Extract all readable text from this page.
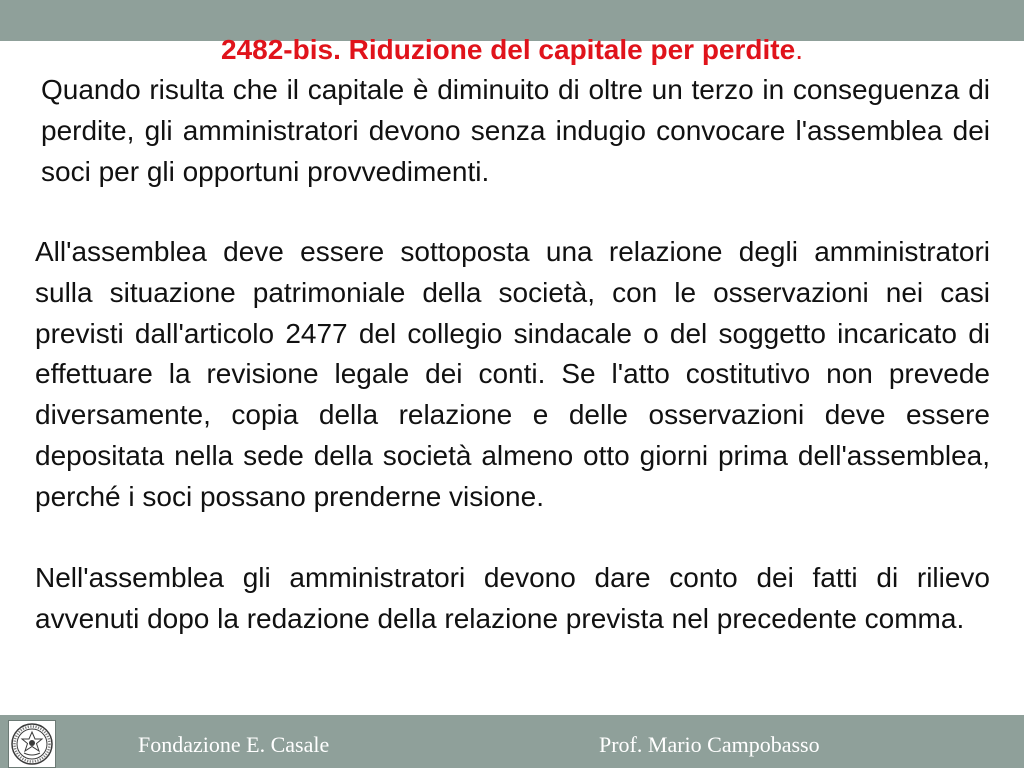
2482-bis. Riduzione del capitale per perdite.

Quando risulta che il capitale è diminuito di oltre un terzo in conseguenza di perdite, gli amministratori devono senza indugio convocare l'assemblea dei soci per gli opportuni provvedimenti.

All'assemblea deve essere sottoposta una relazione degli amministratori sulla situazione patrimoniale della società, con le osservazioni nei casi previsti dall'articolo 2477 del collegio sindacale o del soggetto incaricato di effettuare la revisione legale dei conti. Se l'atto costitutivo non prevede diversamente, copia della relazione e delle osservazioni deve essere depositata nella sede della società almeno otto giorni prima dell'assemblea, perché i soci possano prenderne visione.

Nell'assemblea gli amministratori devono dare conto dei fatti di rilievo avvenuti dopo la redazione della relazione prevista nel precedente comma.

Fondazione E. Casale	Prof. Mario Campobasso
